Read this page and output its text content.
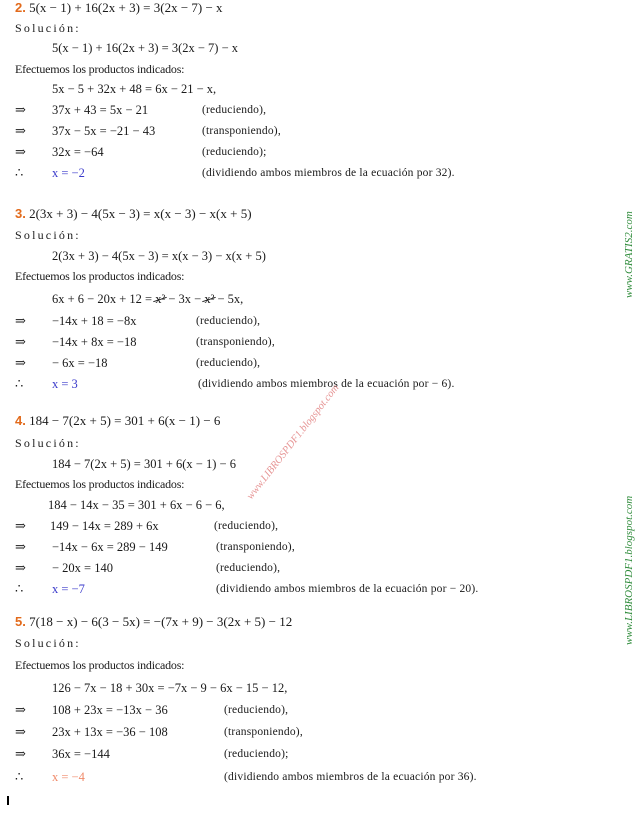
2. 5(x − 1) + 16(2x + 3) = 3(2x − 7) − x
Solución:
5(x − 1) + 16(2x + 3) = 3(2x − 7) − x
Efectuemos los productos indicados:
5x − 5 + 32x + 48 = 6x − 21 − x,
⇒ 37x + 43 = 5x − 21	(reduciendo),
⇒ 37x − 5x = −21 − 43	(transponiendo),
⇒ 32x = −64	(reduciendo);
∴ x = −2	(dividiendo ambos miembros de la ecuación por 32).
3. 2(3x + 3) − 4(5x − 3) = x(x − 3) − x(x + 5)
Solución:
2(3x + 3) − 4(5x − 3) = x(x − 3) − x(x + 5)
Efectuemos los productos indicados:
6x + 6 − 20x + 12 = x² − 3x − x² − 5x,
⇒ −14x + 18 = −8x	(reduciendo),
⇒ −14x + 8x = −18	(transponiendo),
⇒ − 6x = −18	(reduciendo),
∴ x = 3	(dividiendo ambos miembros de la ecuación por − 6).
4. 184 − 7(2x + 5) = 301 + 6(x − 1) − 6
Solución:
184 − 7(2x + 5) = 301 + 6(x − 1) − 6
Efectuemos los productos indicados:
184 − 14x − 35 = 301 + 6x − 6 − 6,
⇒ 149 − 14x = 289 + 6x	(reduciendo),
⇒ −14x − 6x = 289 − 149	(transponiendo),
⇒ − 20x = 140	(reduciendo),
∴ x = −7	(dividiendo ambos miembros de la ecuación por − 20).
5. 7(18 − x) − 6(3 − 5x) = −(7x + 9) − 3(2x + 5) − 12
Solución:
Efectuemos los productos indicados:
126 − 7x − 18 + 30x = −7x − 9 − 6x − 15 − 12,
⇒ 108 + 23x = −13x − 36	(reduciendo),
⇒ 23x + 13x = −36 − 108	(transponiendo),
⇒ 36x = −144	(reduciendo);
∴ x = −4	(dividiendo ambos miembros de la ecuación por 36).
www.GRATIS2.com
www.LIBROSPDF1.blogspot.com
www.LIBROSPDF1.blogspot.com
